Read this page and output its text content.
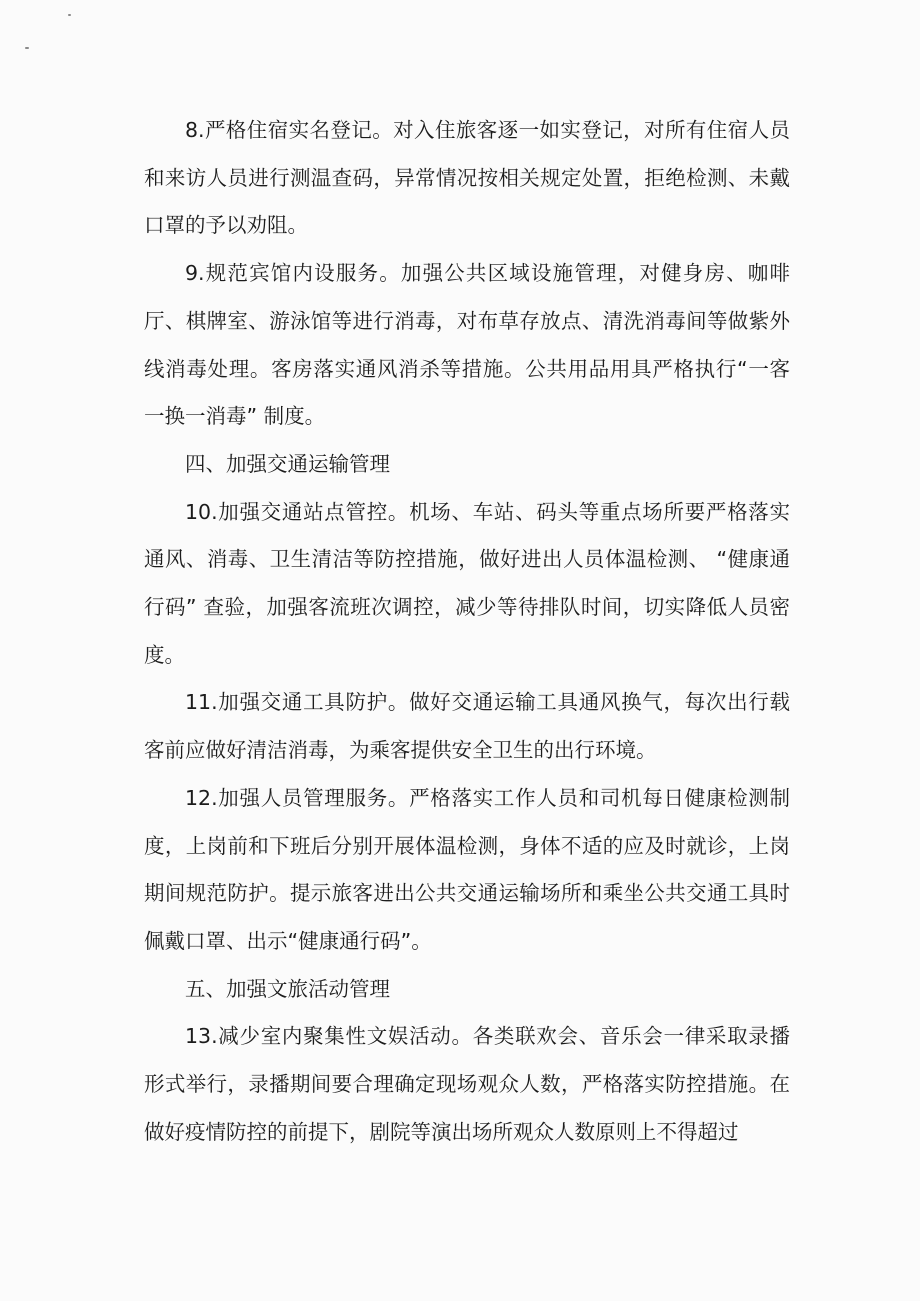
8.严格住宿实名登记。对入住旅客逐一如实登记，对所有住宿人员和来访人员进行测温查码，异常情况按相关规定处置，拒绝检测、未戴口罩的予以劝阻。

9.规范宾馆内设服务。加强公共区域设施管理，对健身房、咖啡厅、棋牌室、游泳馆等进行消毒，对布草存放点、清洗消毒间等做紫外线消毒处理。客房落实通风消杀等措施。公共用品用具严格执行“一客一换一消毒” 制度。

四、加强交通运输管理

10.加强交通站点管控。机场、车站、码头等重点场所要严格落实通风、消毒、卫生清洁等防控措施，做好进出人员体温检测、 “健康通行码” 查验，加强客流班次调控，减少等待排队时间，切实降低人员密度。

11.加强交通工具防护。做好交通运输工具通风换气，每次出行载客前应做好清洁消毒，为乘客提供安全卫生的出行环境。

12.加强人员管理服务。严格落实工作人员和司机每日健康检测制度，上岗前和下班后分别开展体温检测，身体不适的应及时就诊，上岗期间规范防护。提示旅客进出公共交通运输场所和乘坐公共交通工具时佩戴口罩、出示“健康通行码”。

五、加强文旅活动管理

13.减少室内聚集性文娱活动。各类联欢会、音乐会一律采取录播形式举行，录播期间要合理确定现场观众人数，严格落实防控措施。在做好疫情防控的前提下，剧院等演出场所观众人数原则上不得超过
